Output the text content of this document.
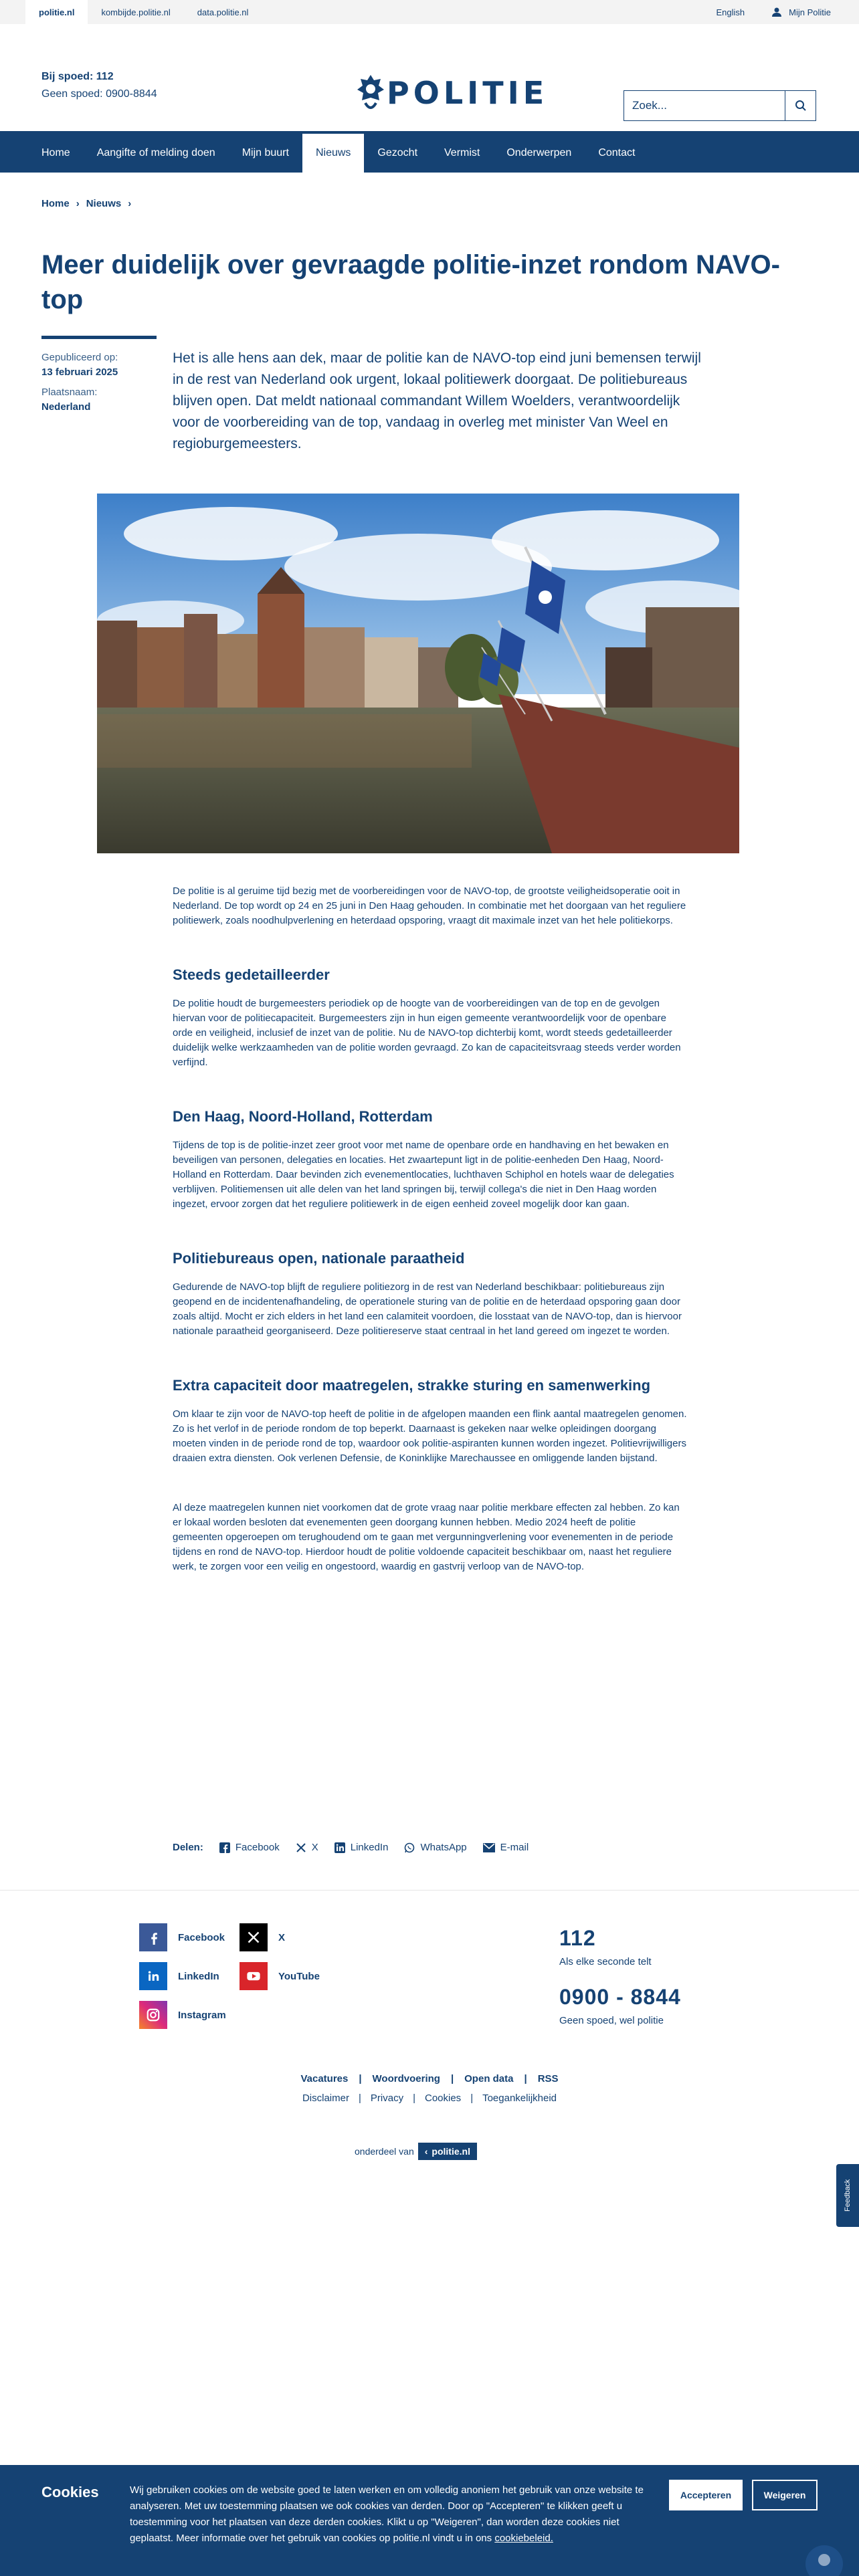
politie.nl	kombijde.politie.nl	data.politie.nl	English	Mijn Politie
Bij spoed: 112
Geen spoed: 0900-8844	POLITIE	Zoek...
Home	Aangifte of melding doen	Mijn buurt	Nieuws	Gezocht	Vermist	Onderwerpen	Contact
Home › Nieuws ›
Meer duidelijk over gevraagde politie-inzet rondom NAVO-top
Gepubliceerd op:
13 februari 2025
Plaatsnaam:
Nederland
Het is alle hens aan dek, maar de politie kan de NAVO-top eind juni bemensen terwijl in de rest van Nederland ook urgent, lokaal politiewerk doorgaat. De politiebureaus blijven open. Dat meldt nationaal commandant Willem Woelders, verantwoordelijk voor de voorbereiding van de top, vandaag in overleg met minister Van Weel en regioburgemeesters.

De politie is al geruime tijd bezig met de voorbereidingen voor de NAVO-top, de grootste veiligheidsoperatie ooit in Nederland. De top wordt op 24 en 25 juni in Den Haag gehouden. In combinatie met het doorgaan van het reguliere politiewerk, zoals noodhulpverlening en heterdaad opsporing, vraagt dit maximale inzet van het hele politiekorps.

Steeds gedetailleerder

De politie houdt de burgemeesters periodiek op de hoogte van de voorbereidingen van de top en de gevolgen hiervan voor de politiecapaciteit. Burgemeesters zijn in hun eigen gemeente verantwoordelijk voor de openbare orde en veiligheid, inclusief de inzet van de politie. Nu de NAVO-top dichterbij komt, wordt steeds gedetailleerder duidelijk welke werkzaamheden van de politie worden gevraagd. Zo kan de capaciteitsvraag steeds verder worden verfijnd.

Den Haag, Noord-Holland, Rotterdam

Tijdens de top is de politie-inzet zeer groot voor met name de openbare orde en handhaving en het bewaken en beveiligen van personen, delegaties en locaties. Het zwaartepunt ligt in de politie-eenheden Den Haag, Noord-Holland en Rotterdam. Daar bevinden zich evenementlocaties, luchthaven Schiphol en hotels waar de delegaties verblijven. Politiemensen uit alle delen van het land springen bij, terwijl collega's die niet in Den Haag worden ingezet, ervoor zorgen dat het reguliere politiewerk in de eigen eenheid zoveel mogelijk door kan gaan.

Politiebureaus open, nationale paraatheid

Gedurende de NAVO-top blijft de reguliere politiezorg in de rest van Nederland beschikbaar: politiebureaus zijn geopend en de incidentenafhandeling, de operationele sturing van de politie en de heterdaad opsporing gaan door zoals altijd. Mocht er zich elders in het land een calamiteit voordoen, die losstaat van de NAVO-top, dan is hiervoor nationale paraatheid georganiseerd. Deze politiereserve staat centraal in het land gereed om ingezet te worden.

Extra capaciteit door maatregelen, strakke sturing en samenwerking

Om klaar te zijn voor de NAVO-top heeft de politie in de afgelopen maanden een flink aantal maatregelen genomen. Zo is het verlof in de periode rondom de top beperkt. Daarnaast is gekeken naar welke opleidingen doorgang moeten vinden in de periode rond de top, waardoor ook politie-aspiranten kunnen worden ingezet. Politievrijwilligers draaien extra diensten. Ook verlenen Defensie, de Koninklijke Marechaussee en omliggende landen bijstand.

Al deze maatregelen kunnen niet voorkomen dat de grote vraag naar politie merkbare effecten zal hebben. Zo kan er lokaal worden besloten dat evenementen geen doorgang kunnen hebben. Medio 2024 heeft de politie gemeenten opgeroepen om terughoudend om te gaan met vergunningverlening voor evenementen in de periode tijdens en rond de NAVO-top. Hierdoor houdt de politie voldoende capaciteit beschikbaar om, naast het reguliere werk, te zorgen voor een veilig en ongestoord, waardig en gastvrij verloop van de NAVO-top.

Delen:	Facebook	X	LinkedIn	WhatsApp	E-mail
Facebook	X
LinkedIn	YouTube
Instagram
112
Als elke seconde telt
0900 - 8844
Geen spoed, wel politie
Vacatures | Woordvoering | Open data | RSS
Disclaimer | Privacy | Cookies | Toegankelijkheid
onderdeel van ‹ politie.nl
Feedback
Cookies	Wij gebruiken cookies om de website goed te laten werken en om volledig anoniem het gebruik van onze website te analyseren. Met uw toestemming plaatsen we ook cookies van derden. Door op "Accepteren" te klikken geeft u toestemming voor het plaatsen van deze derden cookies. Klikt u op "Weigeren", dan worden deze cookies niet geplaatst. Meer informatie over het gebruik van cookies op politie.nl vindt u in ons cookiebeleid.
Accepteren	Weigeren
